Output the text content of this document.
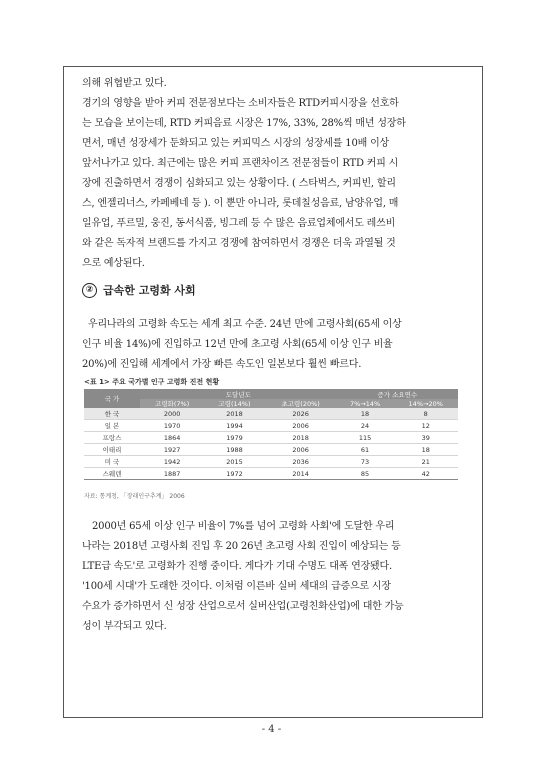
의해 위협받고 있다.

경기의 영향을 받아 커피 전문점보다는 소비자들은 RTD커피시장을 선호하

는 모습을 보이는데, RTD 커피음료 시장은 17%, 33%, 28%씩 매년 성장하

면서, 매년 성장세가 둔화되고 있는 커피믹스 시장의 성장세를 10배 이상

앞서나가고 있다. 최근에는 많은 커피 프랜차이즈 전문점들이 RTD 커피 시

장에 진출하면서 경쟁이 심화되고 있는 상황이다. ( 스타벅스, 커피빈, 할리

스, 엔젤리너스, 카페베네 등 ). 이 뿐만 아니라, 롯데칠성음료, 남양유업, 매

일유업, 푸르밀, 웅진, 동서식품, 빙그레 등 수 많은 음료업체에서도 레쓰비

와 같은 독자적 브랜드를 가지고 경쟁에 참여하면서 경쟁은 더욱 과열될 것

으로 예상된다.

② 급속한 고령화 사회

우리나라의 고령화 속도는 세계 최고 수준. 24년 만에 고령사회(65세 이상

인구 비율 14%)에 진입하고 12년 만에 초고령 사회(65세 이상 인구 비율

20%)에 진입해 세계에서 가장 빠른 속도인 일본보다 훨씬 빠르다.

<표 1> 주요 국가별 인구 고령화 진전 현황
국 가	도달년도			증가 소요연수	
	고령화(7%)	고령(14%)	초고령(20%)	7%→14%	14%→20%
한 국	2000	2018	2026	18	8
일 본	1970	1994	2006	24	12
프랑스	1864	1979	2018	115	39
이태리	1927	1988	2006	61	18
미 국	1942	2015	2036	73	21
스웨덴	1887	1972	2014	85	42
자료: 통계청, 「장래인구추계」 2006

2000년 65세 이상 인구 비율이 7%를 넘어 고령화 사회'에 도달한 우리

나라는 2018년 고령사회 진입 후 20 26년 초고령 사회 진입이 예상되는 등

LTE급 속도'로 고령화가 진행 중이다. 게다가 기대 수명도 대폭 연장됐다.

'100세 시대'가 도래한 것이다. 이처럼 이른바 실버 세대의 급증으로 시장

수요가 증가하면서 신 성장 산업으로서 실버산업(고령친화산업)에 대한 가능

성이 부각되고 있다.

- 4 -
